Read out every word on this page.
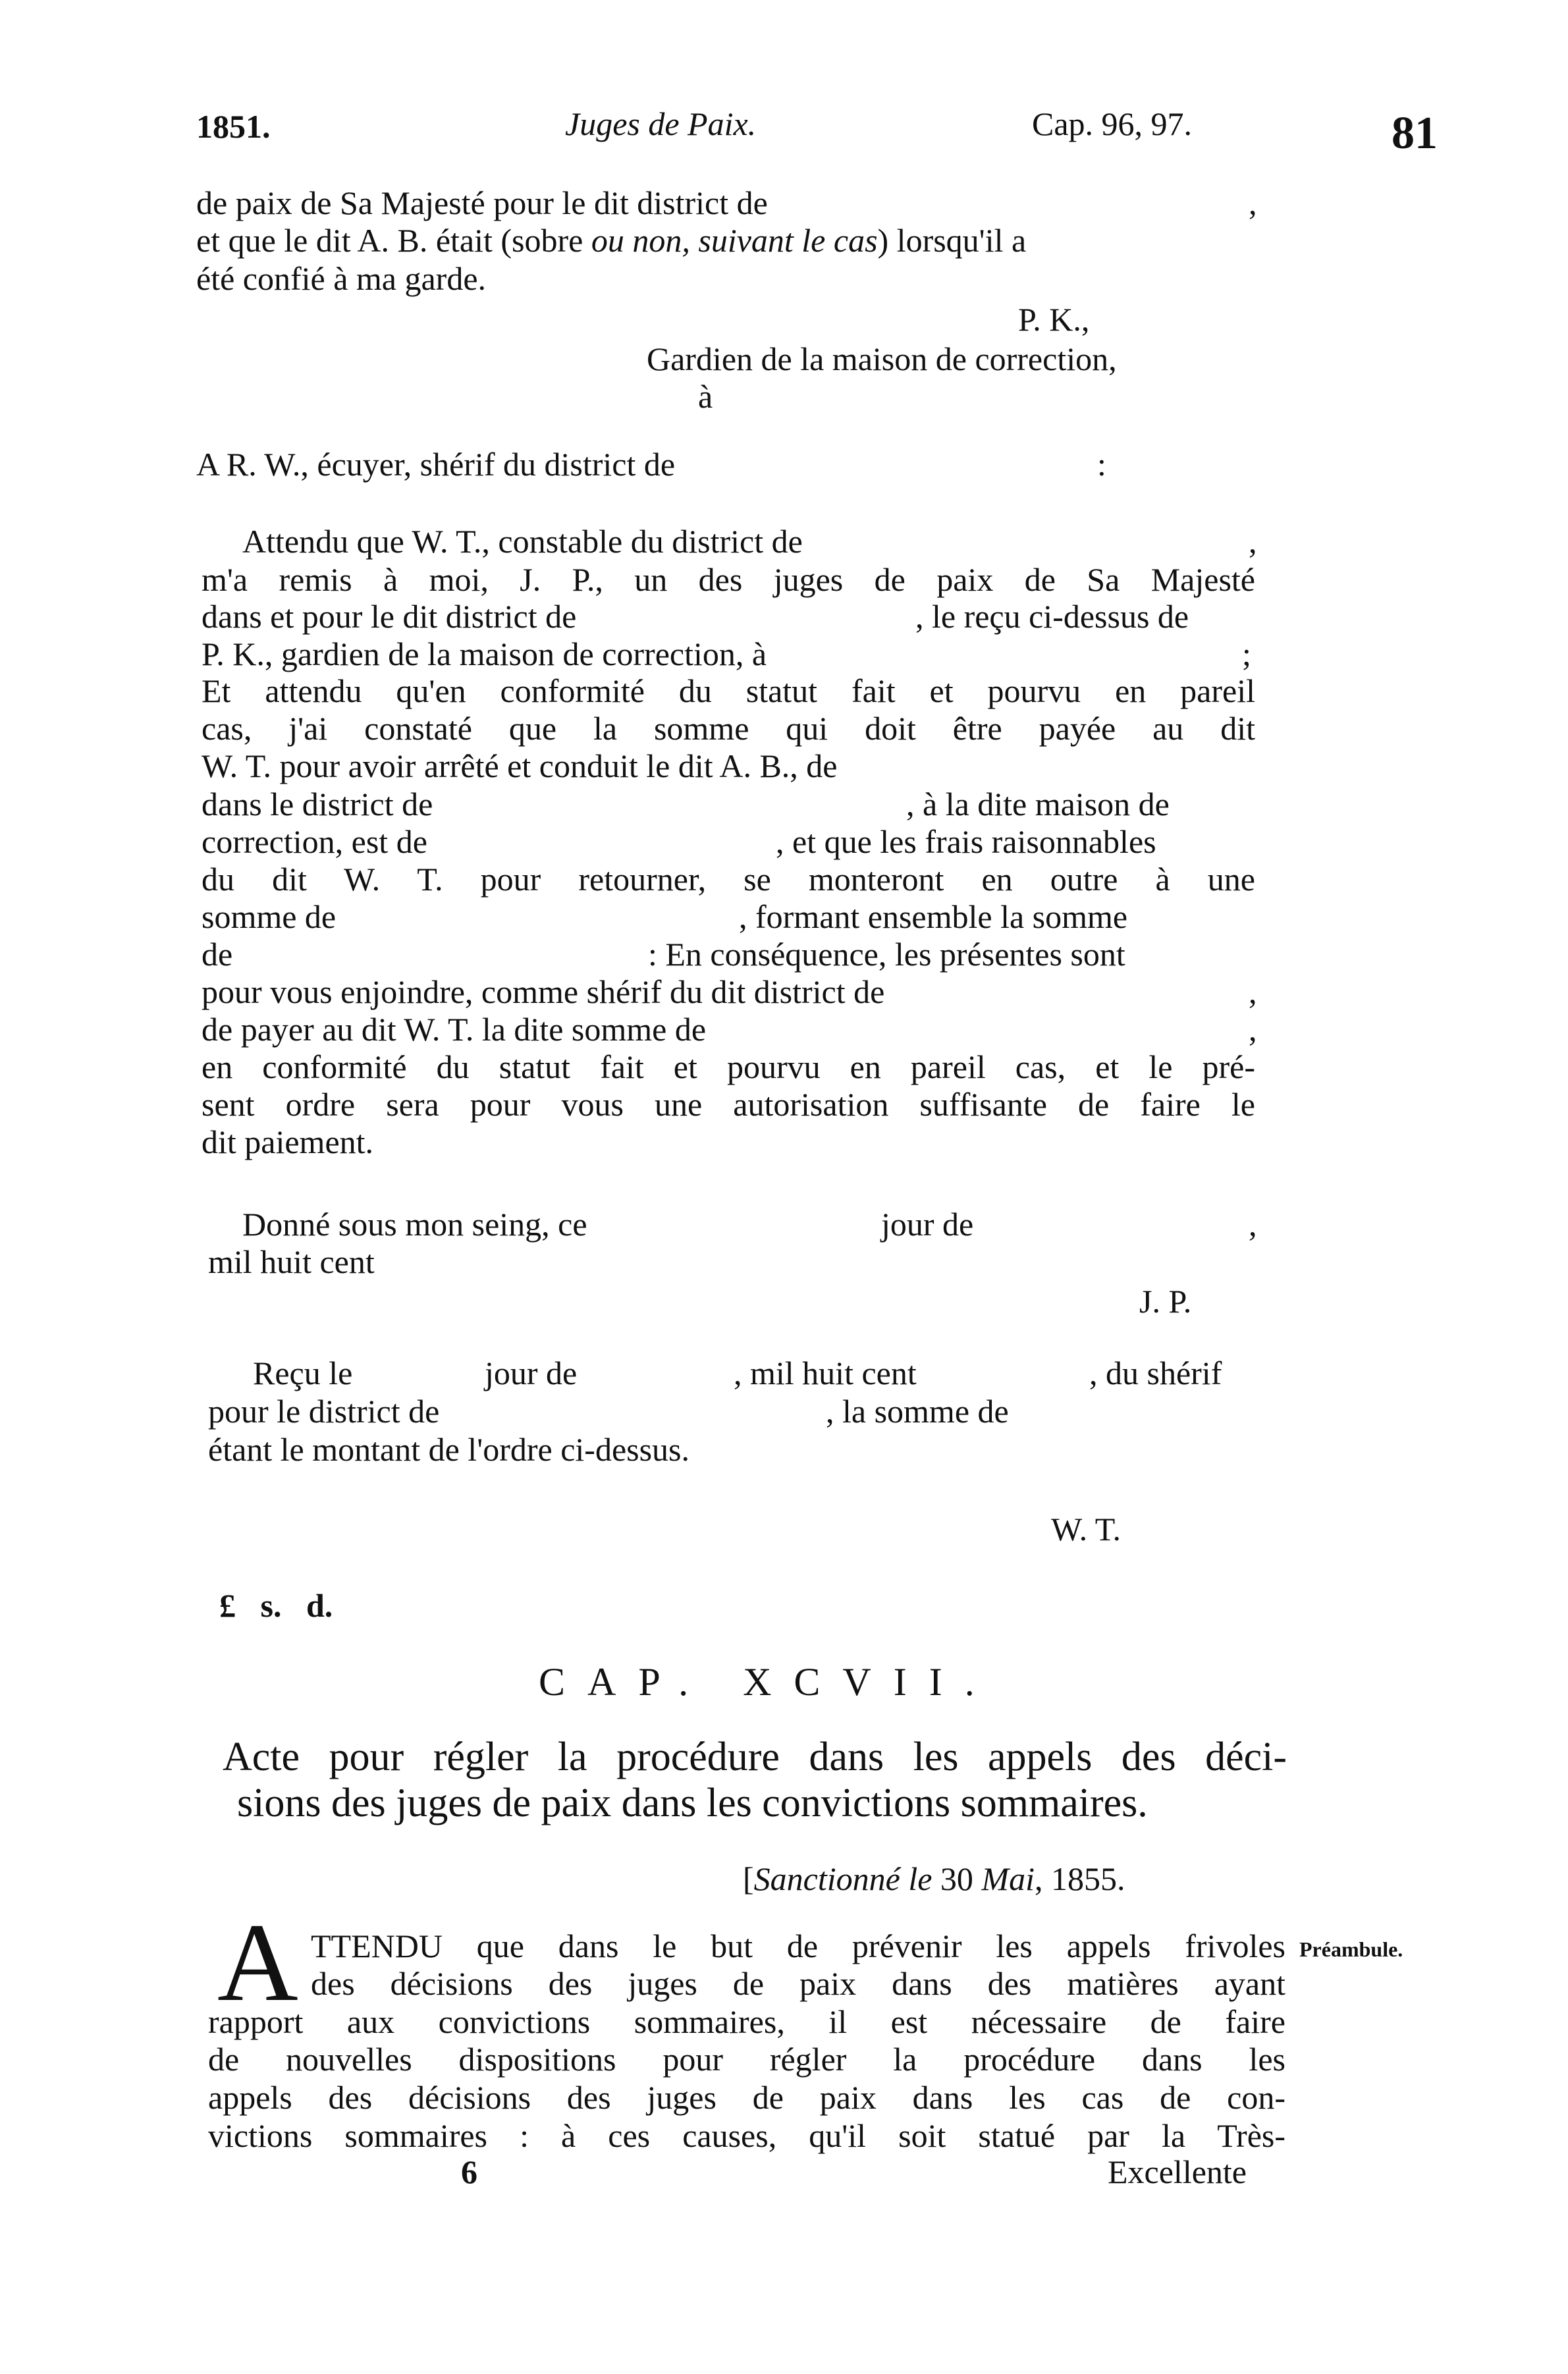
1851.	Juges de Paix.	Cap. 96, 97.	81
de paix de Sa Majesté pour le dit district de	,
et que le dit A. B. était (sobre ou non, suivant le cas) lorsqu'il a
été confié à ma garde.
P. K.,
Gardien de la maison de correction,
à
A R. W., écuyer, shérif du district de	:
Attendu que W. T., constable du district de	,
m'a remis à moi, J. P., un des juges de paix de Sa Majesté
dans et pour le dit district de	, le reçu ci-dessus de
P. K., gardien de la maison de correction, à	;
Et attendu qu'en conformité du statut fait et pourvu en pareil
cas, j'ai constaté que la somme qui doit être payée au dit
W. T. pour avoir arrêté et conduit le dit A. B., de
dans le district de	, à la dite maison de
correction, est de	, et que les frais raisonnables
du dit W. T. pour retourner, se monteront en outre à une
somme de	, formant ensemble la somme
de	: En conséquence, les présentes sont
pour vous enjoindre, comme shérif du dit district de	,
de payer au dit W. T. la dite somme de	,
en conformité du statut fait et pourvu en pareil cas, et le pré-
sent ordre sera pour vous une autorisation suffisante de faire le
dit paiement.
Donné sous mon seing, ce	jour de	,
mil huit cent
J. P.
Reçu le	jour de	, mil huit cent	, du shérif
pour le district de	, la somme de
étant le montant de l'ordre ci-dessus.
W. T.
£   s.   d.
CAP. XCVII.
Acte pour régler la procédure dans les appels des déci-
sions des juges de paix dans les convictions sommaires.
[Sanctionné le 30 Mai, 1855.
Préambule.
A TTENDU que dans le but de prévenir les appels frivoles
des décisions des juges de paix dans des matières ayant
rapport aux convictions sommaires, il est nécessaire de faire
de nouvelles dispositions pour régler la procédure dans les
appels des décisions des juges de paix dans les cas de con-
victions sommaires : à ces causes, qu'il soit statué par la Très-
6	Excellente
